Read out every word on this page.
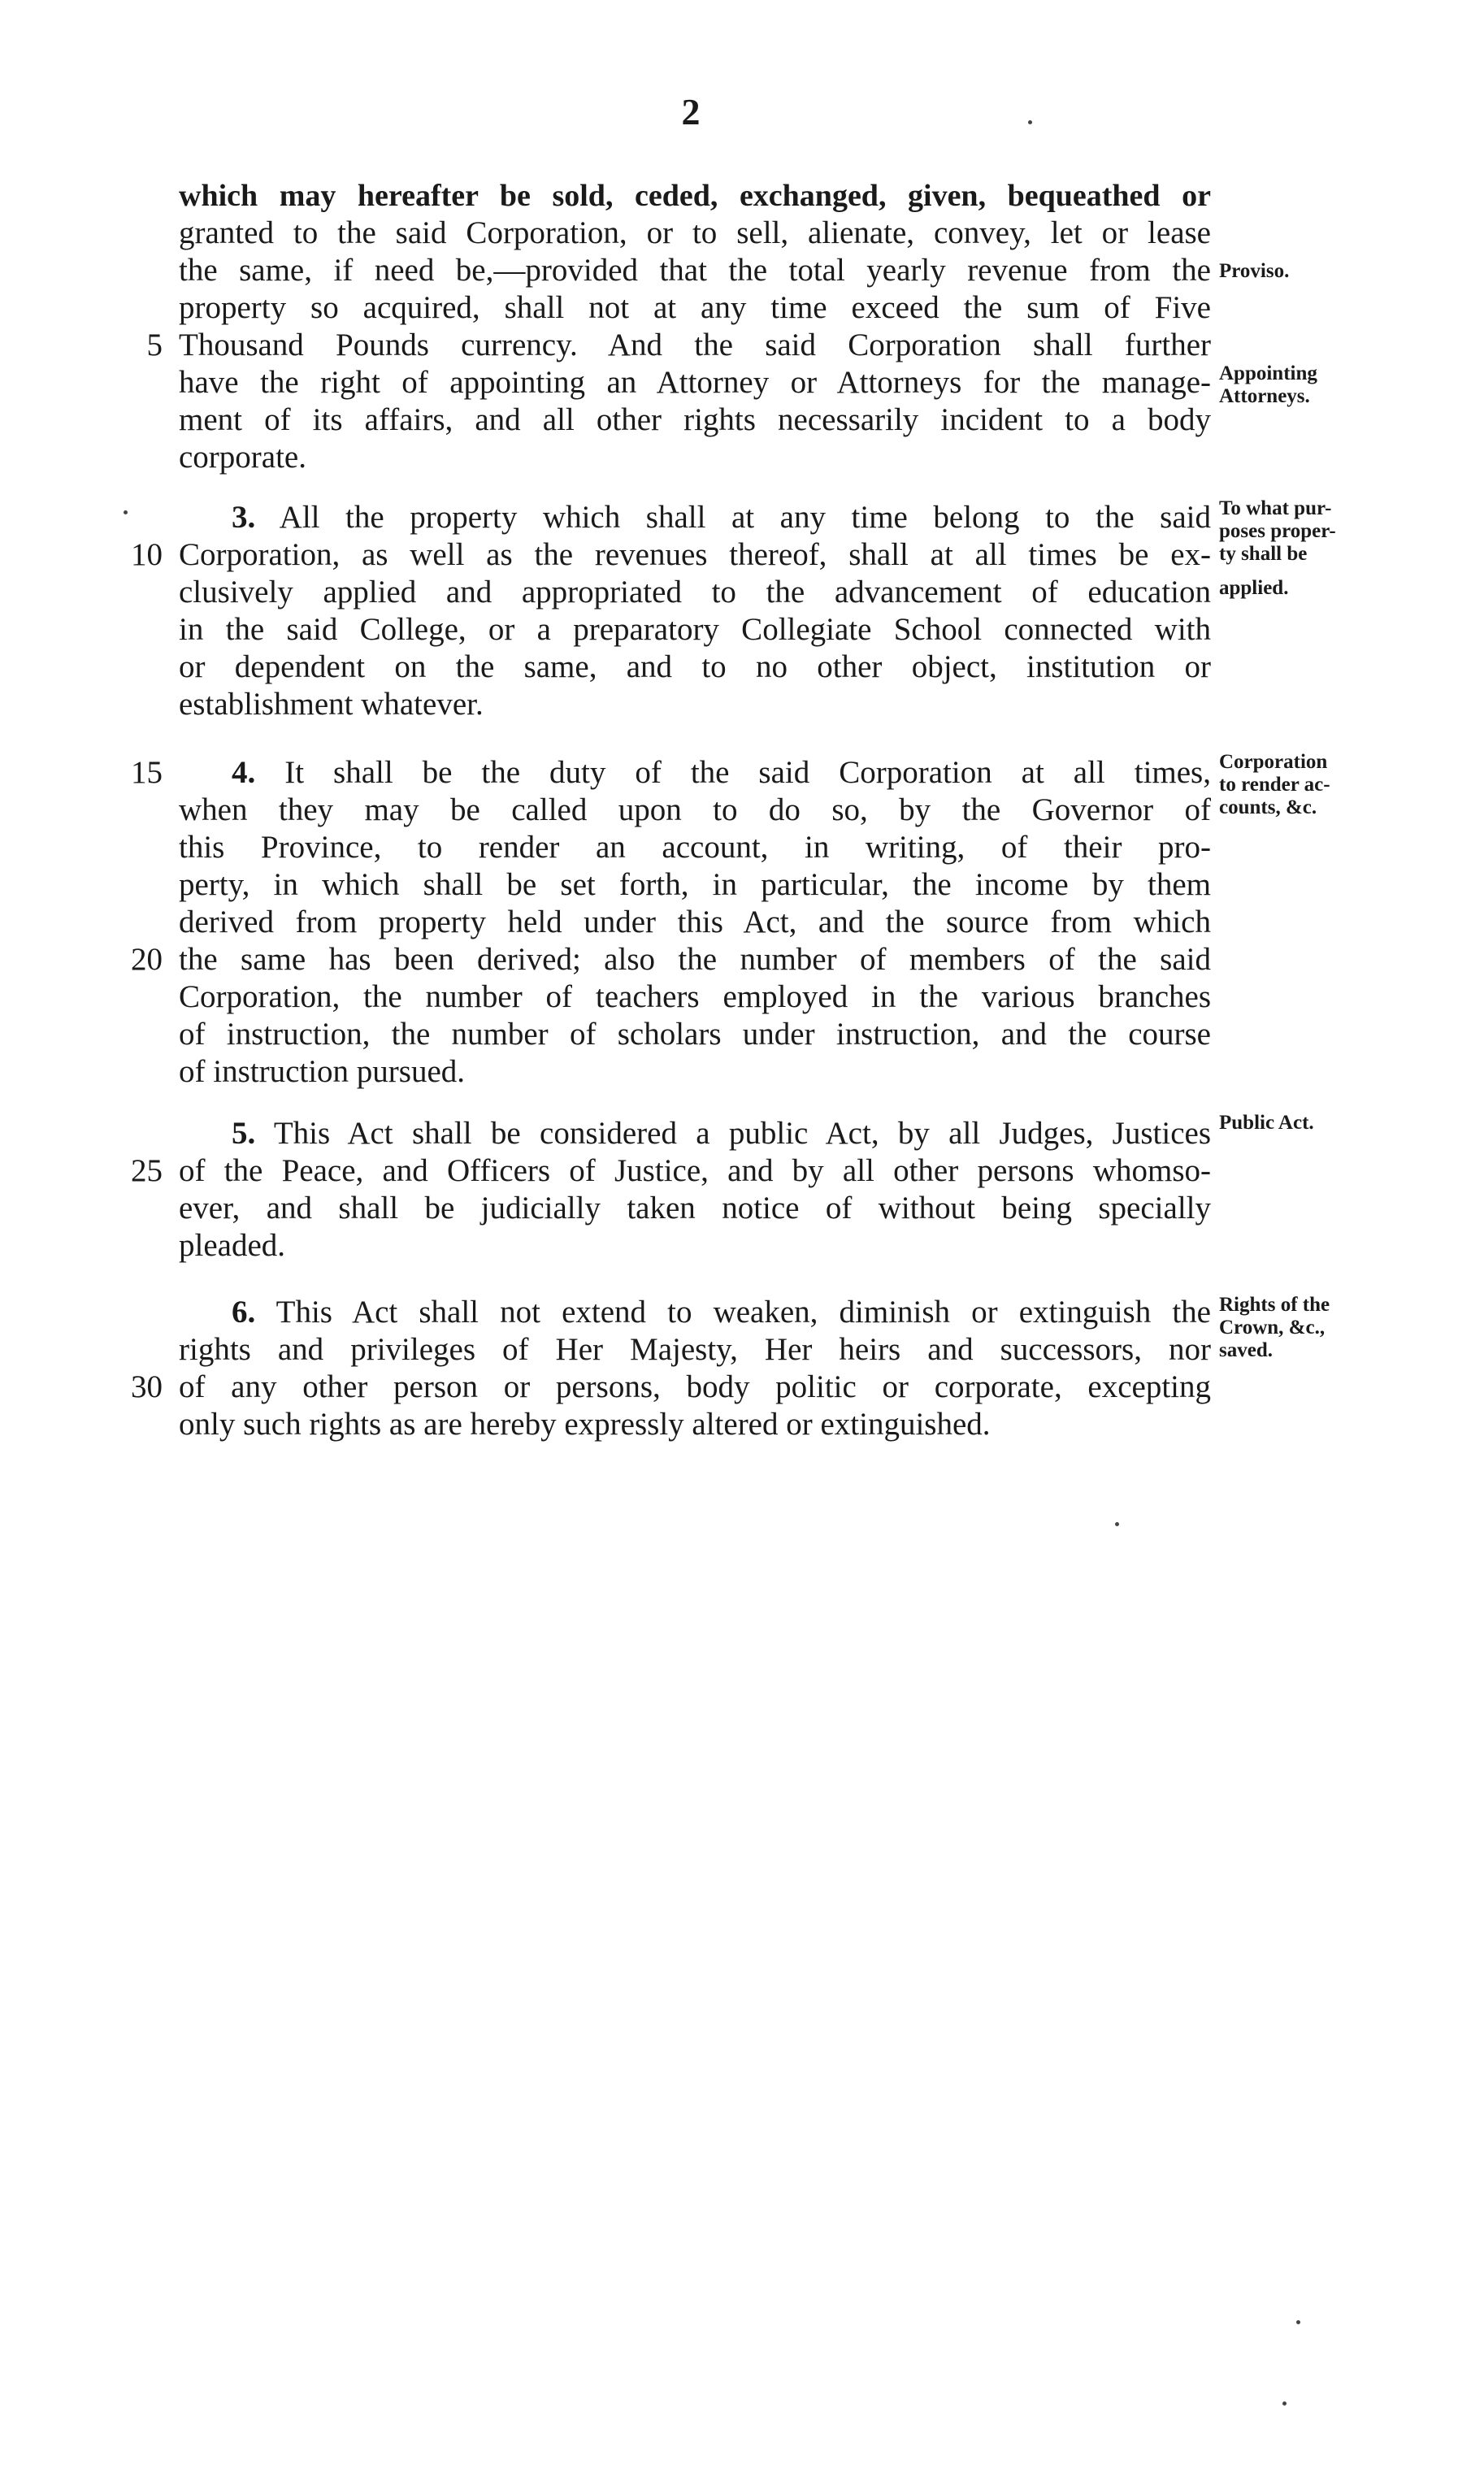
2
which may hereafter be sold, ceded, exchanged, given, bequeathed or
granted to the said Corporation, or to sell, alienate, convey, let or lease
the same, if need be,—provided that the total yearly revenue from the
property so acquired, shall not at any time exceed the sum of Five
Thousand Pounds currency. And the said Corporation shall further
have the right of appointing an Attorney or Attorneys for the manage-
ment of its affairs, and all other rights necessarily incident to a body
corporate.
3. All the property which shall at any time belong to the said
Corporation, as well as the revenues thereof, shall at all times be ex-
clusively applied and appropriated to the advancement of education
in the said College, or a preparatory Collegiate School connected with
or dependent on the same, and to no other object, institution or
establishment whatever.
4. It shall be the duty of the said Corporation at all times,
when they may be called upon to do so, by the Governor of
this Province, to render an account, in writing, of their pro-
perty, in which shall be set forth, in particular, the income by them
derived from property held under this Act, and the source from which
the same has been derived; also the number of members of the said
Corporation, the number of teachers employed in the various branches
of instruction, the number of scholars under instruction, and the course
of instruction pursued.
5. This Act shall be considered a public Act, by all Judges, Justices
of the Peace, and Officers of Justice, and by all other persons whomso-
ever, and shall be judicially taken notice of without being specially
pleaded.
6. This Act shall not extend to weaken, diminish or extinguish the
rights and privileges of Her Majesty, Her heirs and successors, nor
of any other person or persons, body politic or corporate, excepting
only such rights as are hereby expressly altered or extinguished.
5
10
15
20
25
30
Proviso.
Appointing
Attorneys.
To what pur-
poses proper-
ty shall be
applied.
Corporation
to render ac-
counts, &c.
Public Act.
Rights of the
Crown, &c.,
saved.
